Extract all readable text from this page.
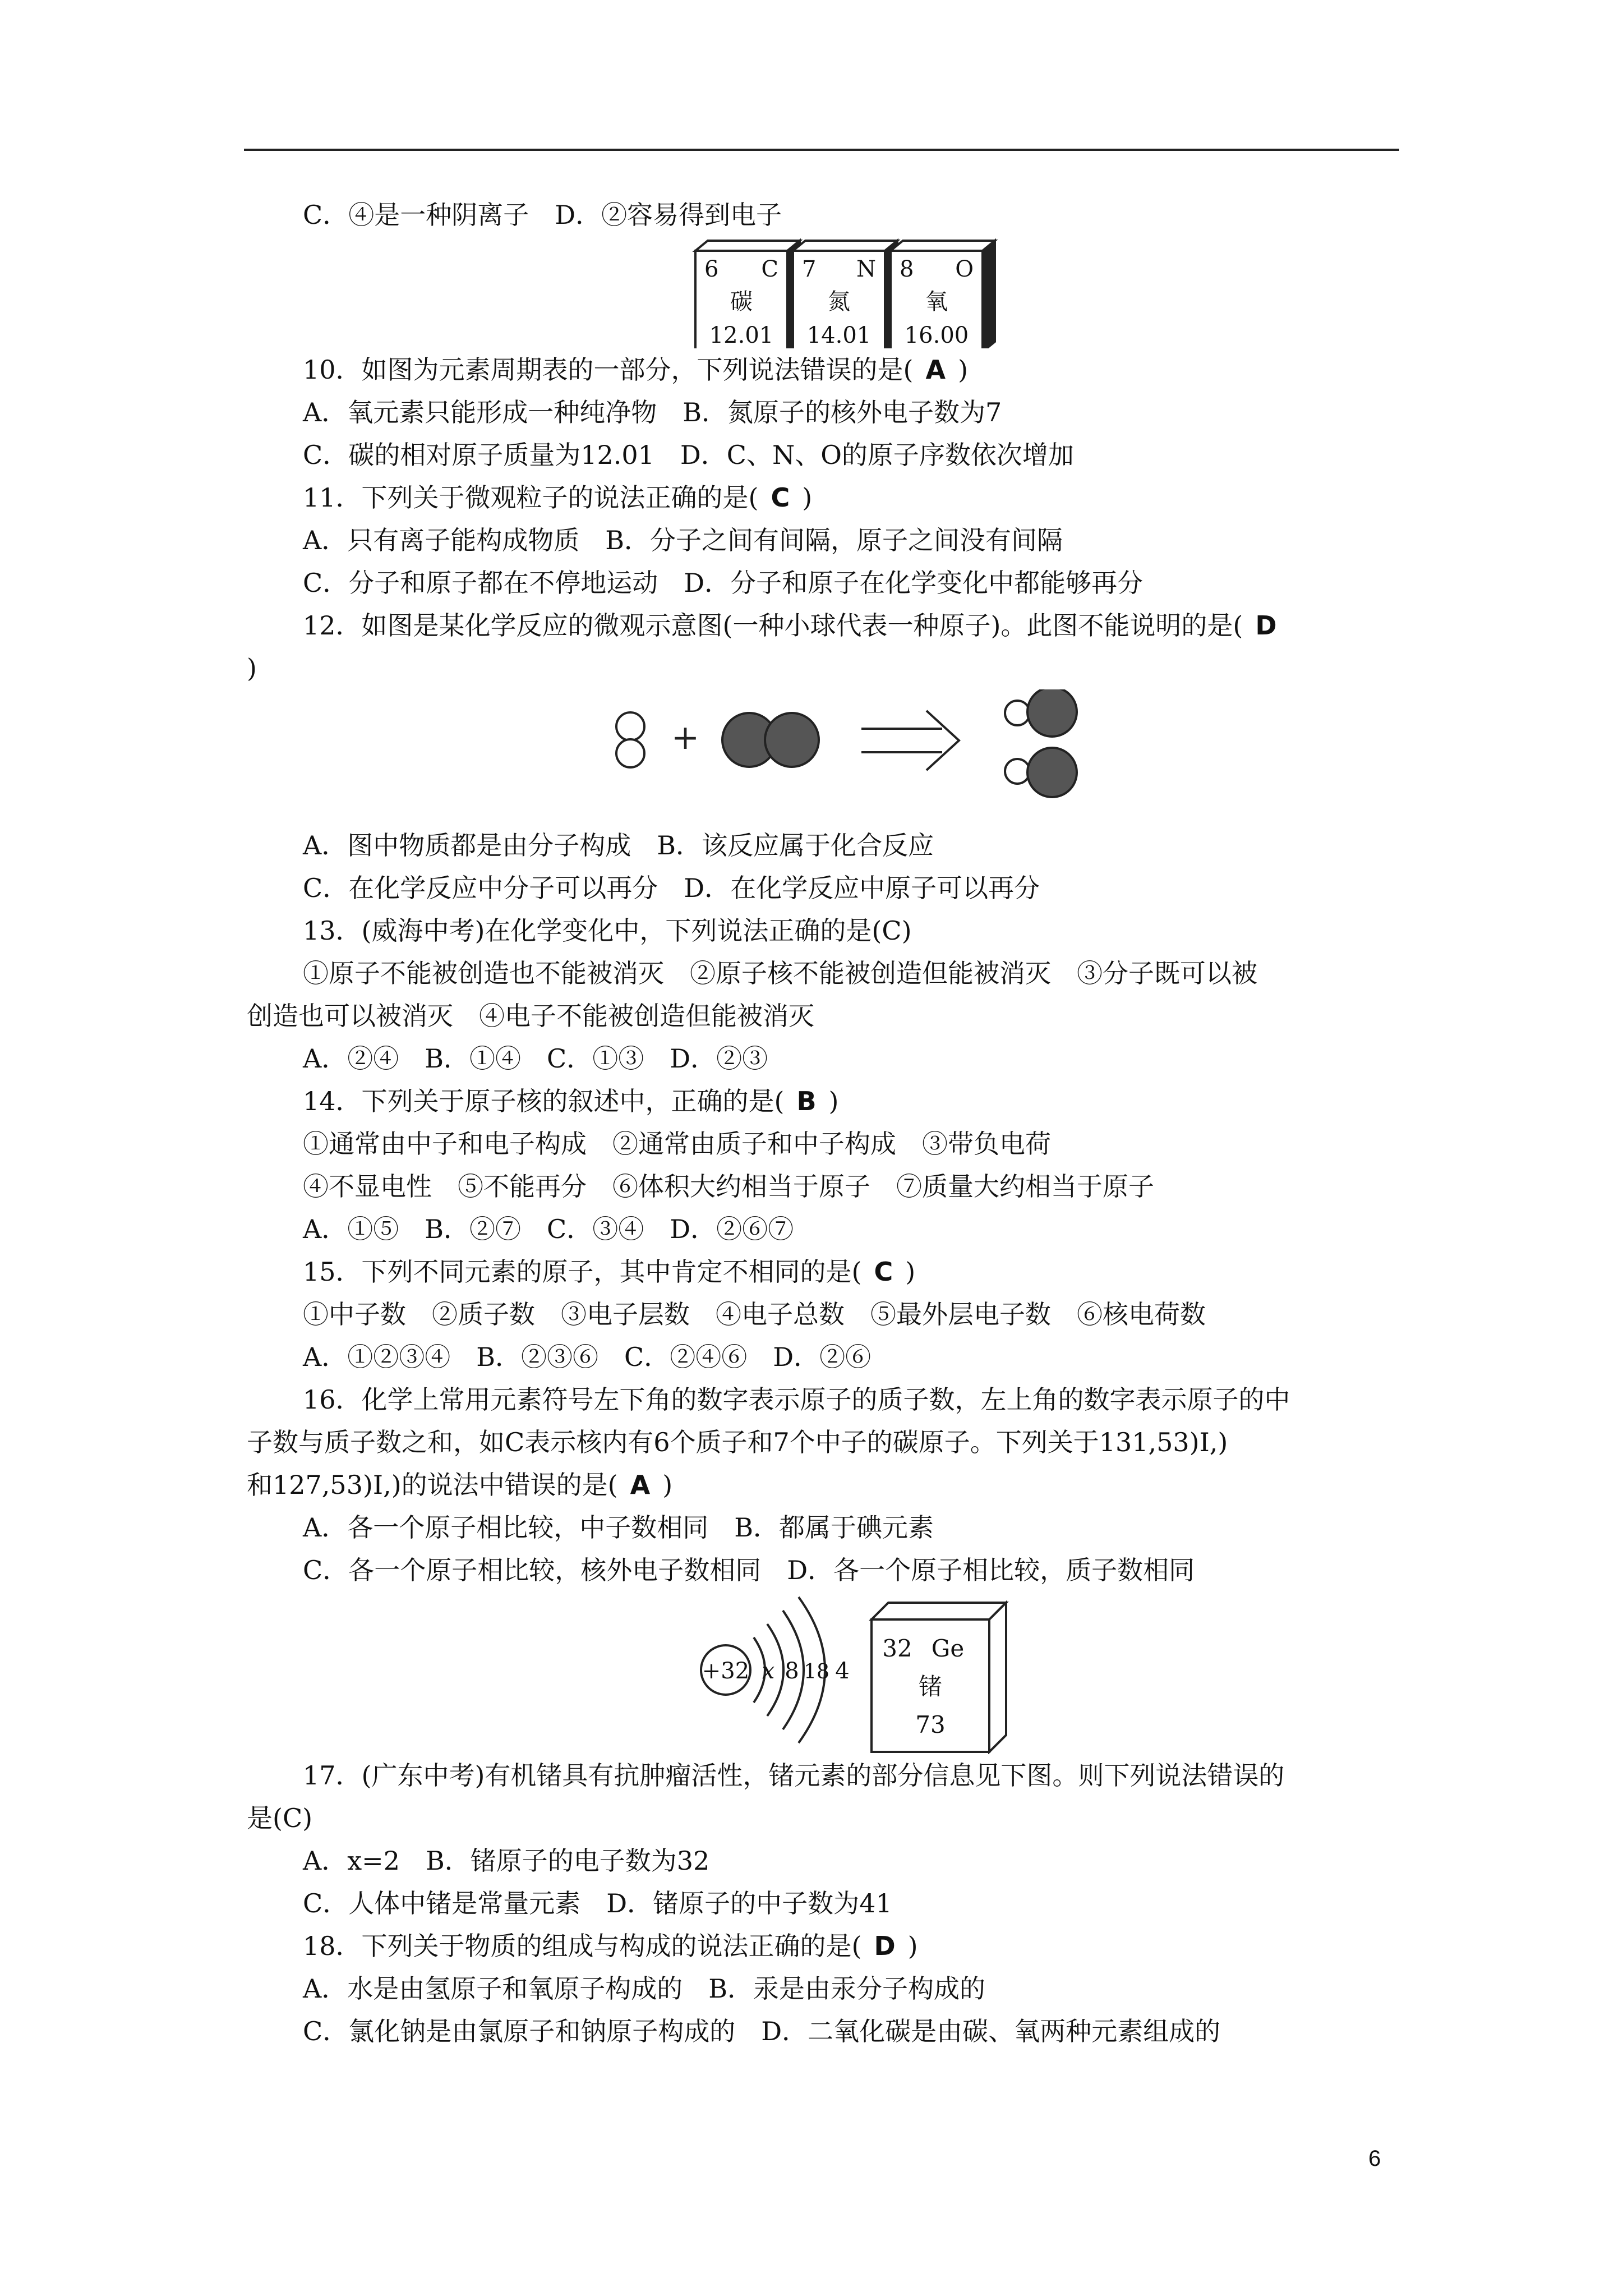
C．④是一种阴离子　D．②容易得到电子
6 C
碳
12.01
7 N
氮
14.01
8 O
氧
16.00
10．如图为元素周期表的一部分，下列说法错误的是( A )
A．氧元素只能形成一种纯净物　B．氮原子的核外电子数为7
C．碳的相对原子质量为12.01　D．C、N、O的原子序数依次增加
11．下列关于微观粒子的说法正确的是( C )
A．只有离子能构成物质　B．分子之间有间隔，原子之间没有间隔
C．分子和原子都在不停地运动　D．分子和原子在化学变化中都能够再分
12．如图是某化学反应的微观示意图(一种小球代表一种原子)。此图不能说明的是( D
)
+
A．图中物质都是由分子构成　B．该反应属于化合反应
C．在化学反应中分子可以再分　D．在化学反应中原子可以再分
13．(威海中考)在化学变化中，下列说法正确的是(C)
①原子不能被创造也不能被消灭　②原子核不能被创造但能被消灭　③分子既可以被
创造也可以被消灭　④电子不能被创造但能被消灭
A．②④　B．①④　C．①③　D．②③
14．下列关于原子核的叙述中，正确的是( B )
①通常由中子和电子构成　②通常由质子和中子构成　③带负电荷
④不显电性　⑤不能再分　⑥体积大约相当于原子　⑦质量大约相当于原子
A．①⑤　B．②⑦　C．③④　D．②⑥⑦
15．下列不同元素的原子，其中肯定不相同的是( C )
①中子数　②质子数　③电子层数　④电子总数　⑤最外层电子数　⑥核电荷数
A．①②③④　B．②③⑥　C．②④⑥　D．②⑥
16．化学上常用元素符号左下角的数字表示原子的质子数，左上角的数字表示原子的中
子数与质子数之和，如C表示核内有6个质子和7个中子的碳原子。下列关于131,53)I,)
和127,53)I,)的说法中错误的是( A )
A．各一个原子相比较，中子数相同　B．都属于碘元素
C．各一个原子相比较，核外电子数相同　D．各一个原子相比较，质子数相同
+32 x 8 18 4
32 Ge
锗
73
17．(广东中考)有机锗具有抗肿瘤活性，锗元素的部分信息见下图。则下列说法错误的
是(C)
A．x=2　B．锗原子的电子数为32
C．人体中锗是常量元素　D．锗原子的中子数为41
18．下列关于物质的组成与构成的说法正确的是( D )
A．水是由氢原子和氧原子构成的　B．汞是由汞分子构成的
C．氯化钠是由氯原子和钠原子构成的　D．二氧化碳是由碳、氧两种元素组成的
6
